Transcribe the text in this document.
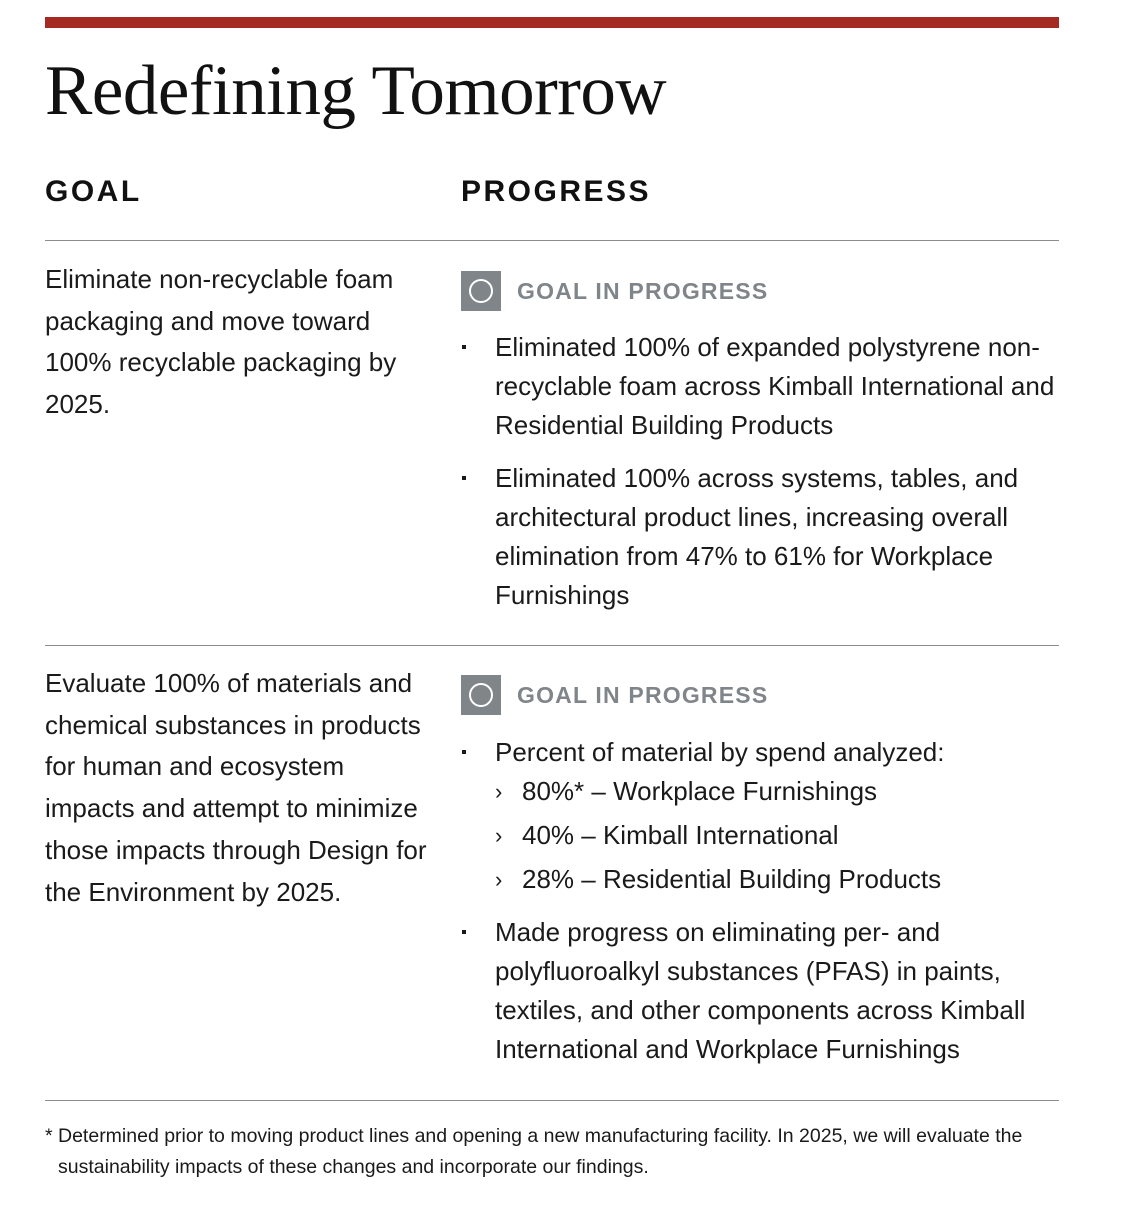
Redefining Tomorrow
GOAL	PROGRESS

Eliminate non-recyclable foam packaging and move toward 100% recyclable packaging by 2025.

GOAL IN PROGRESS
Eliminated 100% of expanded polystyrene non-recyclable foam across Kimball International and Residential Building Products
Eliminated 100% across systems, tables, and architectural product lines, increasing overall elimination from 47% to 61% for Workplace Furnishings

Evaluate 100% of materials and chemical substances in products for human and ecosystem impacts and attempt to minimize those impacts through Design for the Environment by 2025.

GOAL IN PROGRESS
Percent of material by spend analyzed:
› 80%* – Workplace Furnishings
› 40% – Kimball International
› 28% – Residential Building Products
Made progress on eliminating per- and polyfluoroalkyl substances (PFAS) in paints, textiles, and other components across Kimball International and Workplace Furnishings

* Determined prior to moving product lines and opening a new manufacturing facility. In 2025, we will evaluate the sustainability impacts of these changes and incorporate our findings.
